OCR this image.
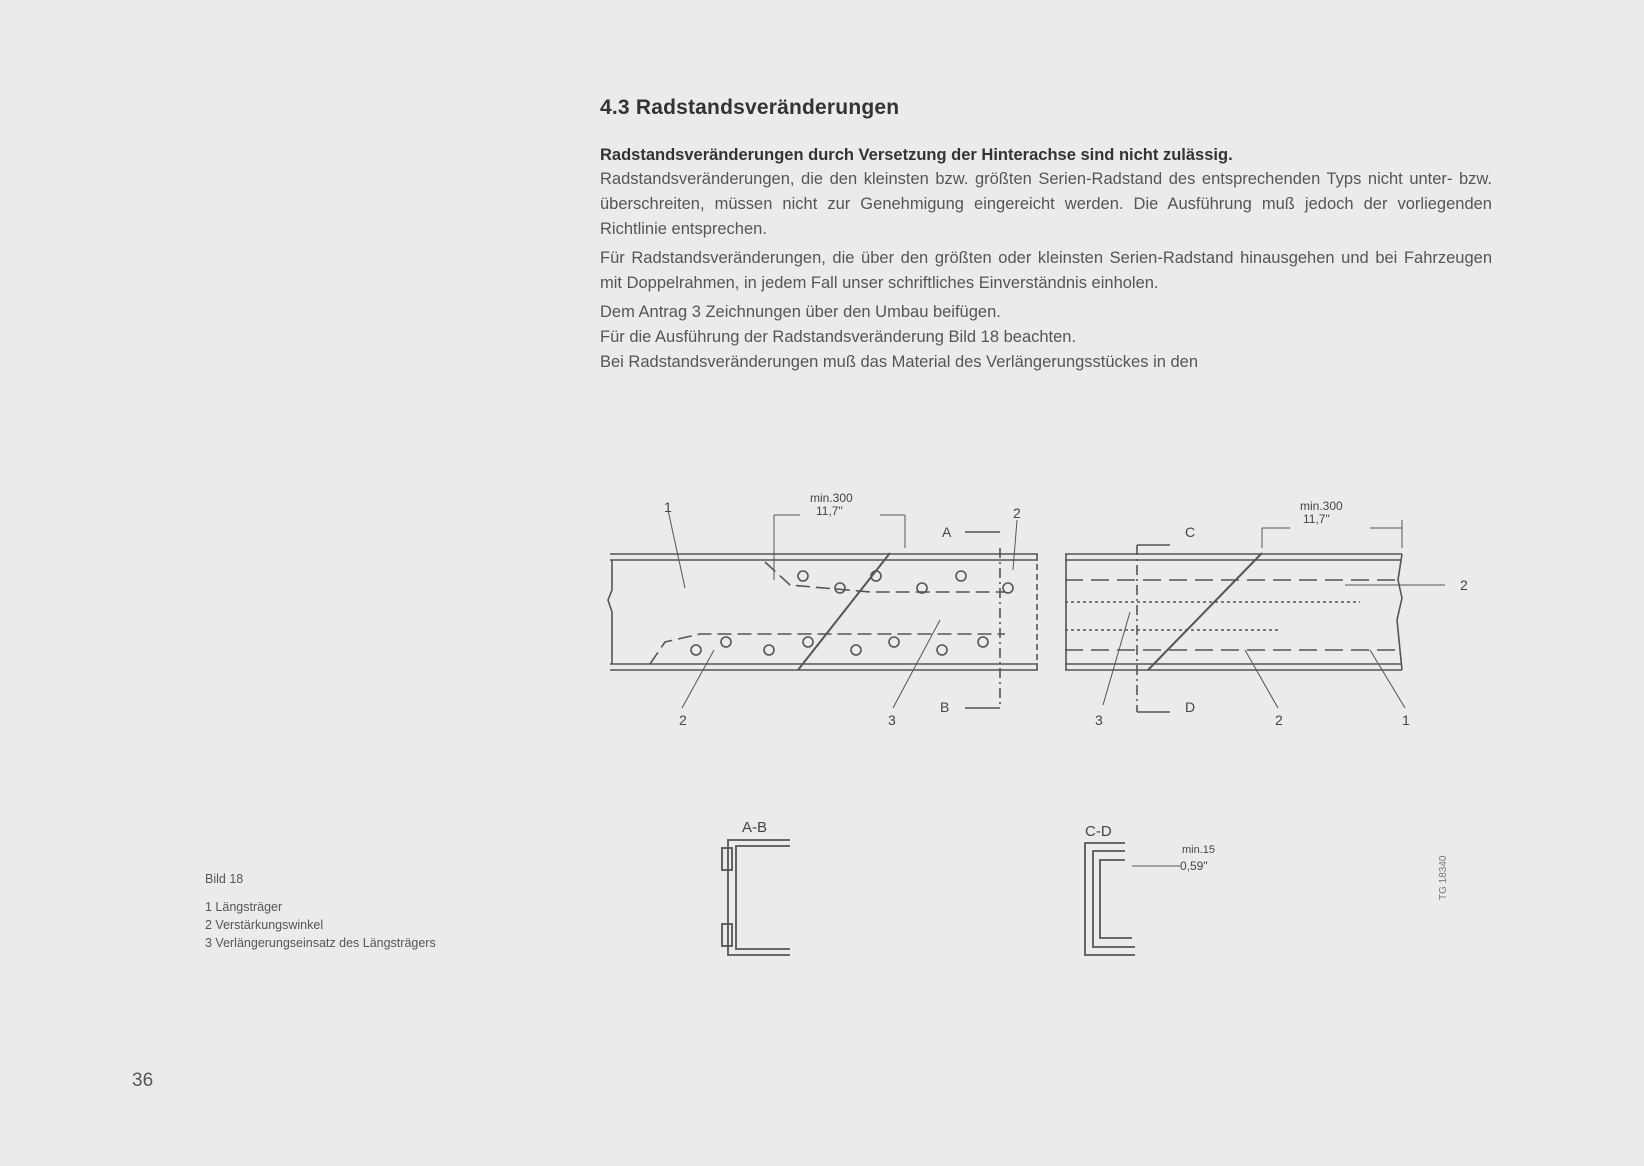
4.3 Radstandsveränderungen
Radstandsveränderungen durch Versetzung der Hinterachse sind nicht zulässig.
Radstandsveränderungen, die den kleinsten bzw. größten Serien-Radstand des entsprechenden Typs nicht unter- bzw. überschreiten, müssen nicht zur Genehmigung eingereicht werden. Die Ausführung muß jedoch der vorliegenden Richtlinie entsprechen.
Für Radstandsveränderungen, die über den größten oder kleinsten Serien-Radstand hinausgehen und bei Fahrzeugen mit Doppelrahmen, in jedem Fall unser schriftliches Einverständnis einholen.
Dem Antrag 3 Zeichnungen über den Umbau beifügen.
Für die Ausführung der Radstandsveränderung Bild 18 beachten.
Bei Radstandsveränderungen muß das Material des Verlängerungsstückes in den
min.300
11,7"
1	2
2	3
A
B
min.300
11,7"
2
3	2	1
C
D
A-B	C-D
min.15
0,59"
Bild 18
1 Längsträger
2 Verstärkungswinkel
3 Verlängerungseinsatz des Längsträgers
TG 18340
36
